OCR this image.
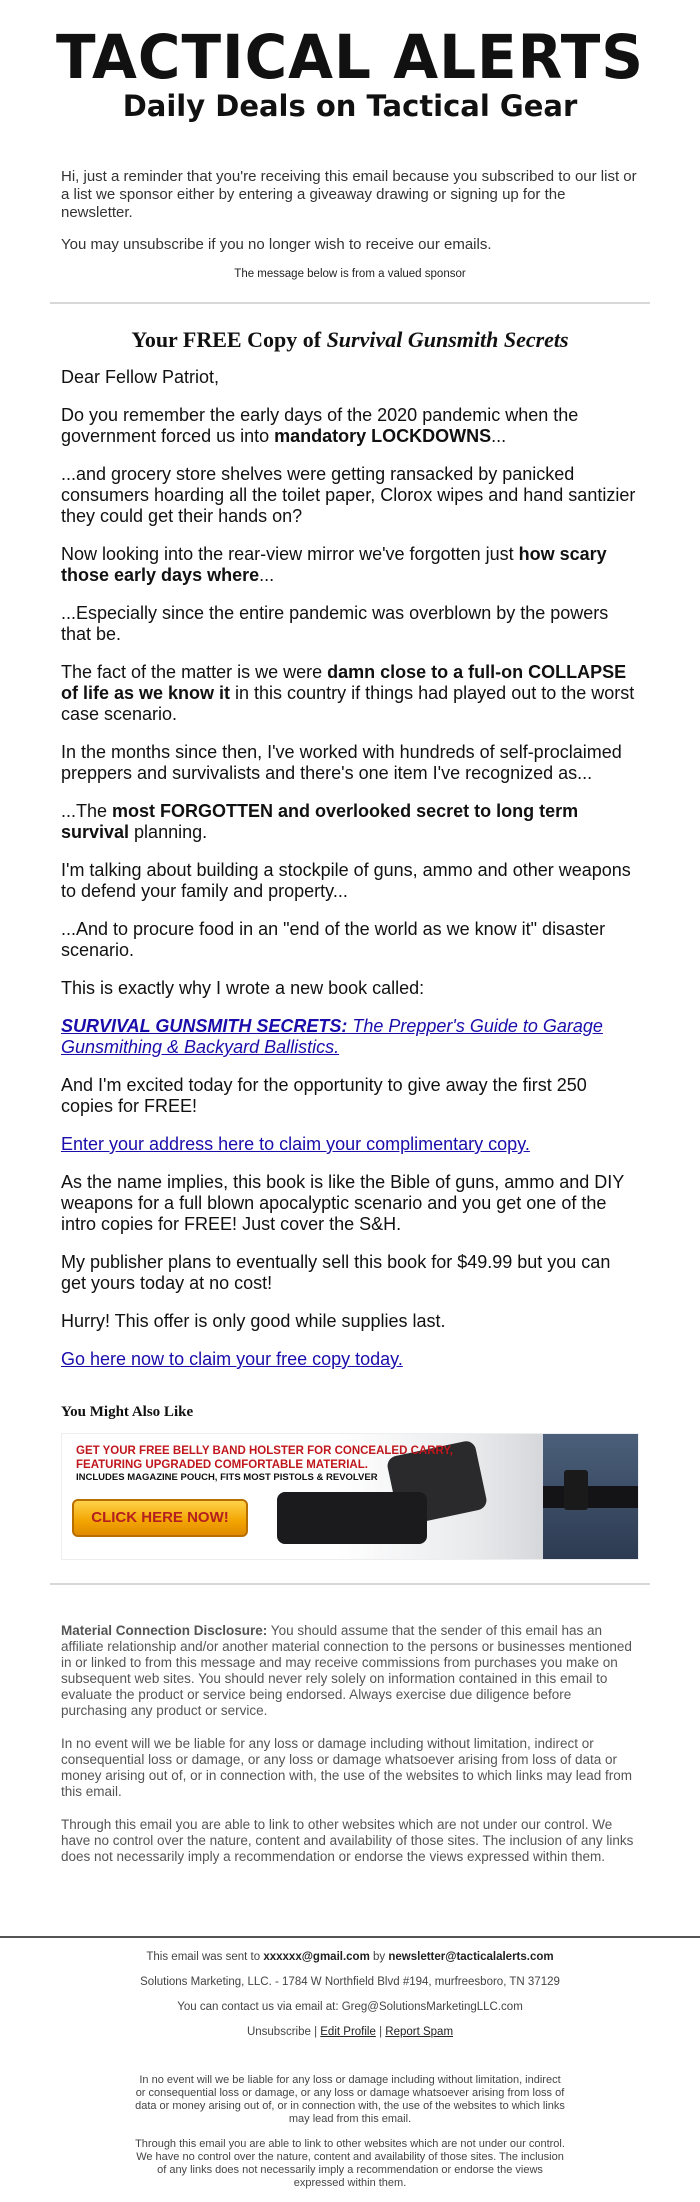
TACTICAL ALERTS
Daily Deals on Tactical Gear

Hi, just a reminder that you're receiving this email because you subscribed to our list or a list we sponsor either by entering a giveaway drawing or signing up for the newsletter.

You may unsubscribe if you no longer wish to receive our emails.

The message below is from a valued sponsor
Your FREE Copy of Survival Gunsmith Secrets

Dear Fellow Patriot,

Do you remember the early days of the 2020 pandemic when the government forced us into mandatory LOCKDOWNS...

...and grocery store shelves were getting ransacked by panicked consumers hoarding all the toilet paper, Clorox wipes and hand santizier they could get their hands on?

Now looking into the rear-view mirror we've forgotten just how scary those early days where...

...Especially since the entire pandemic was overblown by the powers that be.

The fact of the matter is we were damn close to a full-on COLLAPSE of life as we know it in this country if things had played out to the worst case scenario.

In the months since then, I've worked with hundreds of self-proclaimed preppers and survivalists and there's one item I've recognized as...

...The most FORGOTTEN and overlooked secret to long term survival planning.

I'm talking about building a stockpile of guns, ammo and other weapons to defend your family and property...

...And to procure food in an "end of the world as we know it" disaster scenario.

This is exactly why I wrote a new book called:

SURVIVAL GUNSMITH SECRETS: The Prepper's Guide to Garage Gunsmithing & Backyard Ballistics.

And I'm excited today for the opportunity to give away the first 250 copies for FREE!

Enter your address here to claim your complimentary copy.

As the name implies, this book is like the Bible of guns, ammo and DIY weapons for a full blown apocalyptic scenario and you get one of the intro copies for FREE! Just cover the S&H.

My publisher plans to eventually sell this book for $49.99 but you can get yours today at no cost!

Hurry! This offer is only good while supplies last.

Go here now to claim your free copy today.

You Might Also Like
GET YOUR FREE BELLY BAND HOLSTER FOR CONCEALED CARRY,
FEATURING UPGRADED COMFORTABLE MATERIAL.
INCLUDES MAGAZINE POUCH, FITS MOST PISTOLS & REVOLVER
CLICK HERE NOW!

Material Connection Disclosure: You should assume that the sender of this email has an affiliate relationship and/or another material connection to the persons or businesses mentioned in or linked to from this message and may receive commissions from purchases you make on subsequent web sites. You should never rely solely on information contained in this email to evaluate the product or service being endorsed. Always exercise due diligence before purchasing any product or service.

In no event will we be liable for any loss or damage including without limitation, indirect or consequential loss or damage, or any loss or damage whatsoever arising from loss of data or money arising out of, or in connection with, the use of the websites to which links may lead from this email.

Through this email you are able to link to other websites which are not under our control. We have no control over the nature, content and availability of those sites. The inclusion of any links does not necessarily imply a recommendation or endorse the views expressed within them.

This email was sent to xxxxxx@gmail.com by newsletter@tacticalalerts.com
Solutions Marketing, LLC. - 1784 W Northfield Blvd #194, murfreesboro, TN 37129
You can contact us via email at: Greg@SolutionsMarketingLLC.com
Unsubscribe | Edit Profile | Report Spam

In no event will we be liable for any loss or damage including without limitation, indirect or consequential loss or damage, or any loss or damage whatsoever arising from loss of data or money arising out of, or in connection with, the use of the websites to which links may lead from this email.

Through this email you are able to link to other websites which are not under our control. We have no control over the nature, content and availability of those sites. The inclusion of any links does not necessarily imply a recommendation or endorse the views expressed within them.
